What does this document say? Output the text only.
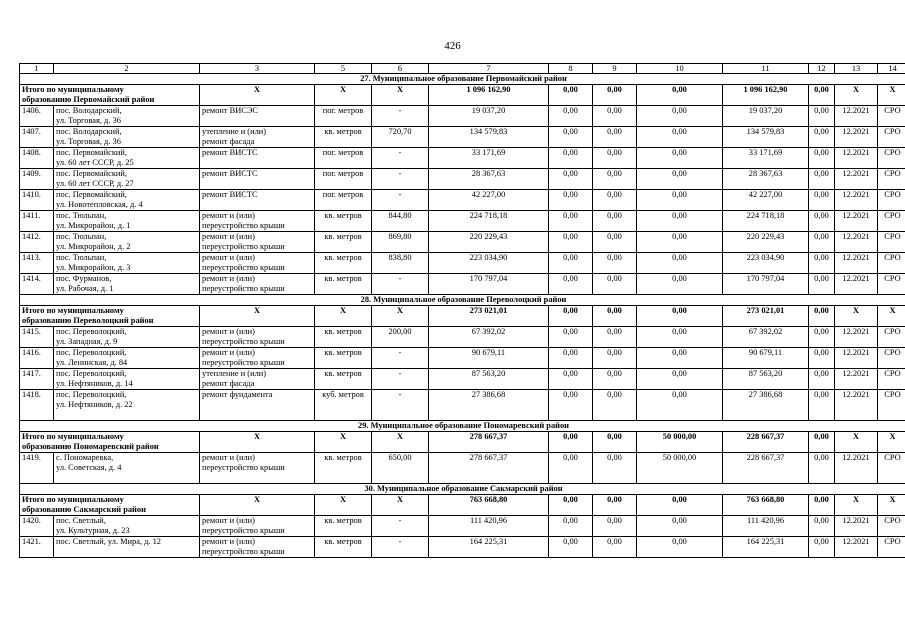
426
1	2	3	5	6	7	8	9	10	11	12	13	14
27. Муниципальное образование Первомайский район												

Итого по муниципальному
образованию Первомайский район		X	X	X	1 096 162,90	0,00	0,00	0,00	1 096 162,90	0,00	X	X
1406.	пос. Володарский,
ул. Торговая, д. 36	ремонт ВИСЭС	пог. метров	-	19 037,20	0,00	0,00	0,00	19 037,20	0,00	12.2021	СРО
1407.	пос. Володарский,
ул. Торговая, д. 36	утепление и (или)
ремонт фасада	кв. метров	720,70	134 579,83	0,00	0,00	0,00	134 579,83	0,00	12.2021	СРО
1408.	пос. Первомайский,
ул. 60 лет СССР, д. 25	ремонт ВИСТС	пог. метров	-	33 171,69	0,00	0,00	0,00	33 171,69	0,00	12.2021	СРО
1409.	пос. Первомайский,
ул. 60 лет СССР, д. 27	ремонт ВИСТС	пог. метров	-	28 367,63	0,00	0,00	0,00	28 367,63	0,00	12.2021	СРО
1410.	пос. Первомайский,
ул. Новотепловская, д. 4	ремонт ВИСТС	пог. метров	-	42 227,00	0,00	0,00	0,00	42 227,00	0,00	12.2021	СРО
1411.	пос. Тюльпан,
ул. Микрорайон, д. 1	ремонт и (или)
переустройство крыши	кв. метров	844,80	224 718,18	0,00	0,00	0,00	224 718,18	0,00	12.2021	СРО
1412.	пос. Тюльпан,
ул. Микрорайон, д. 2	ремонт и (или)
переустройство крыши	кв. метров	869,80	220 229,43	0,00	0,00	0,00	220 229,43	0,00	12.2021	СРО
1413.	пос. Тюльпан,
ул. Микрорайон, д. 3	ремонт и (или)
переустройство крыши	кв. метров	838,80	223 034,90	0,00	0,00	0,00	223 034,90	0,00	12.2021	СРО
1414.	пос. Фурманов,
ул. Рабочая, д. 1	ремонт и (или)
переустройство крыши	кв. метров	-	170 797,04	0,00	0,00	0,00	170 797,04	0,00	12.2021	СРО
28. Муниципальное образование Переволоцкий район												

Итого по муниципальному
образованию Переволоцкий район		X	X	X	273 021,01	0,00	0,00	0,00	273 021,01	0,00	X	X
1415.	пос. Переволоцкий,
ул. Западная, д. 9	ремонт и (или)
переустройство крыши	кв. метров	200,00	67 392,02	0,00	0,00	0,00	67 392,02	0,00	12.2021	СРО
1416.	пос. Переволоцкий,
ул. Ленинская, д. 84	ремонт и (или)
переустройство крыши	кв. метров	-	90 679,11	0,00	0,00	0,00	90 679,11	0,00	12.2021	СРО
1417.	пос. Переволоцкий,
ул. Нефтяников, д. 14	утепление и (или)
ремонт фасада	кв. метров	-	87 563,20	0,00	0,00	0,00	87 563,20	0,00	12.2021	СРО
1418.	пос. Переволоцкий,
ул. Нефтяников, д. 22	ремонт фундамента	куб. метров	-	27 386,68	0,00	0,00	0,00	27 386,68	0,00	12.2021	СРО
29. Муниципальное образование Пономаревский район												

Итого по муниципальному
образованию Пономаревский район		X	X	X	278 667,37	0,00	0,00	50 000,00	228 667,37	0,00	X	X
1419.	с. Пономаревка,
ул. Советская, д. 4	ремонт и (или)
переустройство крыши	кв. метров	650,00	278 667,37	0,00	0,00	50 000,00	228 667,37	0,00	12.2021	СРО
30. Муниципальное образование Сакмарский район												

Итого по муниципальному
образованию Сакмарский район		X	X	X	763 668,80	0,00	0,00	0,00	763 668,80	0,00	X	X
1420.	пос. Светлый,
ул. Культурная, д. 23	ремонт и (или)
переустройство крыши	кв. метров	-	111 420,96	0,00	0,00	0,00	111 420,96	0,00	12.2021	СРО
1421.	пос. Светлый, ул. Мира, д. 12	ремонт и (или)
переустройство крыши	кв. метров	-	164 225,31	0,00	0,00	0,00	164 225,31	0,00	12.2021	СРО
